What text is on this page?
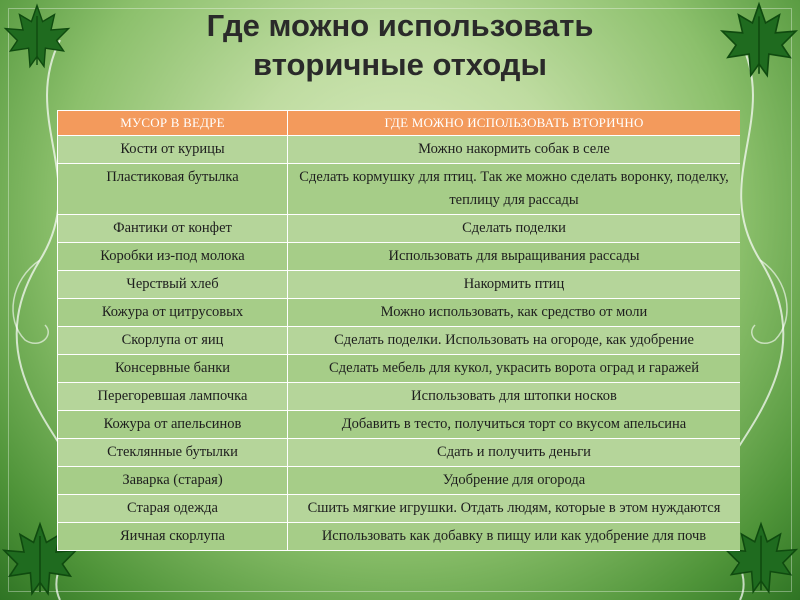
Где можно использовать
вторичные отходы
МУСОР В ВЕДРЕ	ГДЕ МОЖНО ИСПОЛЬЗОВАТЬ ВТОРИЧНО
Кости от курицы	Можно накормить собак в селе
Пластиковая бутылка	Сделать кормушку для птиц. Так же можно сделать воронку, поделку, теплицу для рассады
Фантики от конфет	Сделать поделки
Коробки из-под молока	Использовать для выращивания рассады
Черствый хлеб	Накормить птиц
Кожура от цитрусовых	Можно использовать, как средство от моли
Скорлупа от яиц	Сделать поделки. Использовать на огороде, как удобрение
Консервные банки	Сделать мебель для кукол, украсить ворота оград и гаражей
Перегоревшая лампочка	Использовать для штопки носков
Кожура от апельсинов	Добавить в тесто, получиться торт со вкусом апельсина
Стеклянные бутылки	Сдать и получить деньги
Заварка (старая)	Удобрение для огорода
Старая одежда	Сшить мягкие игрушки. Отдать людям, которые в этом нуждаются
Яичная скорлупа	Использовать как добавку в пищу или как удобрение для почв
